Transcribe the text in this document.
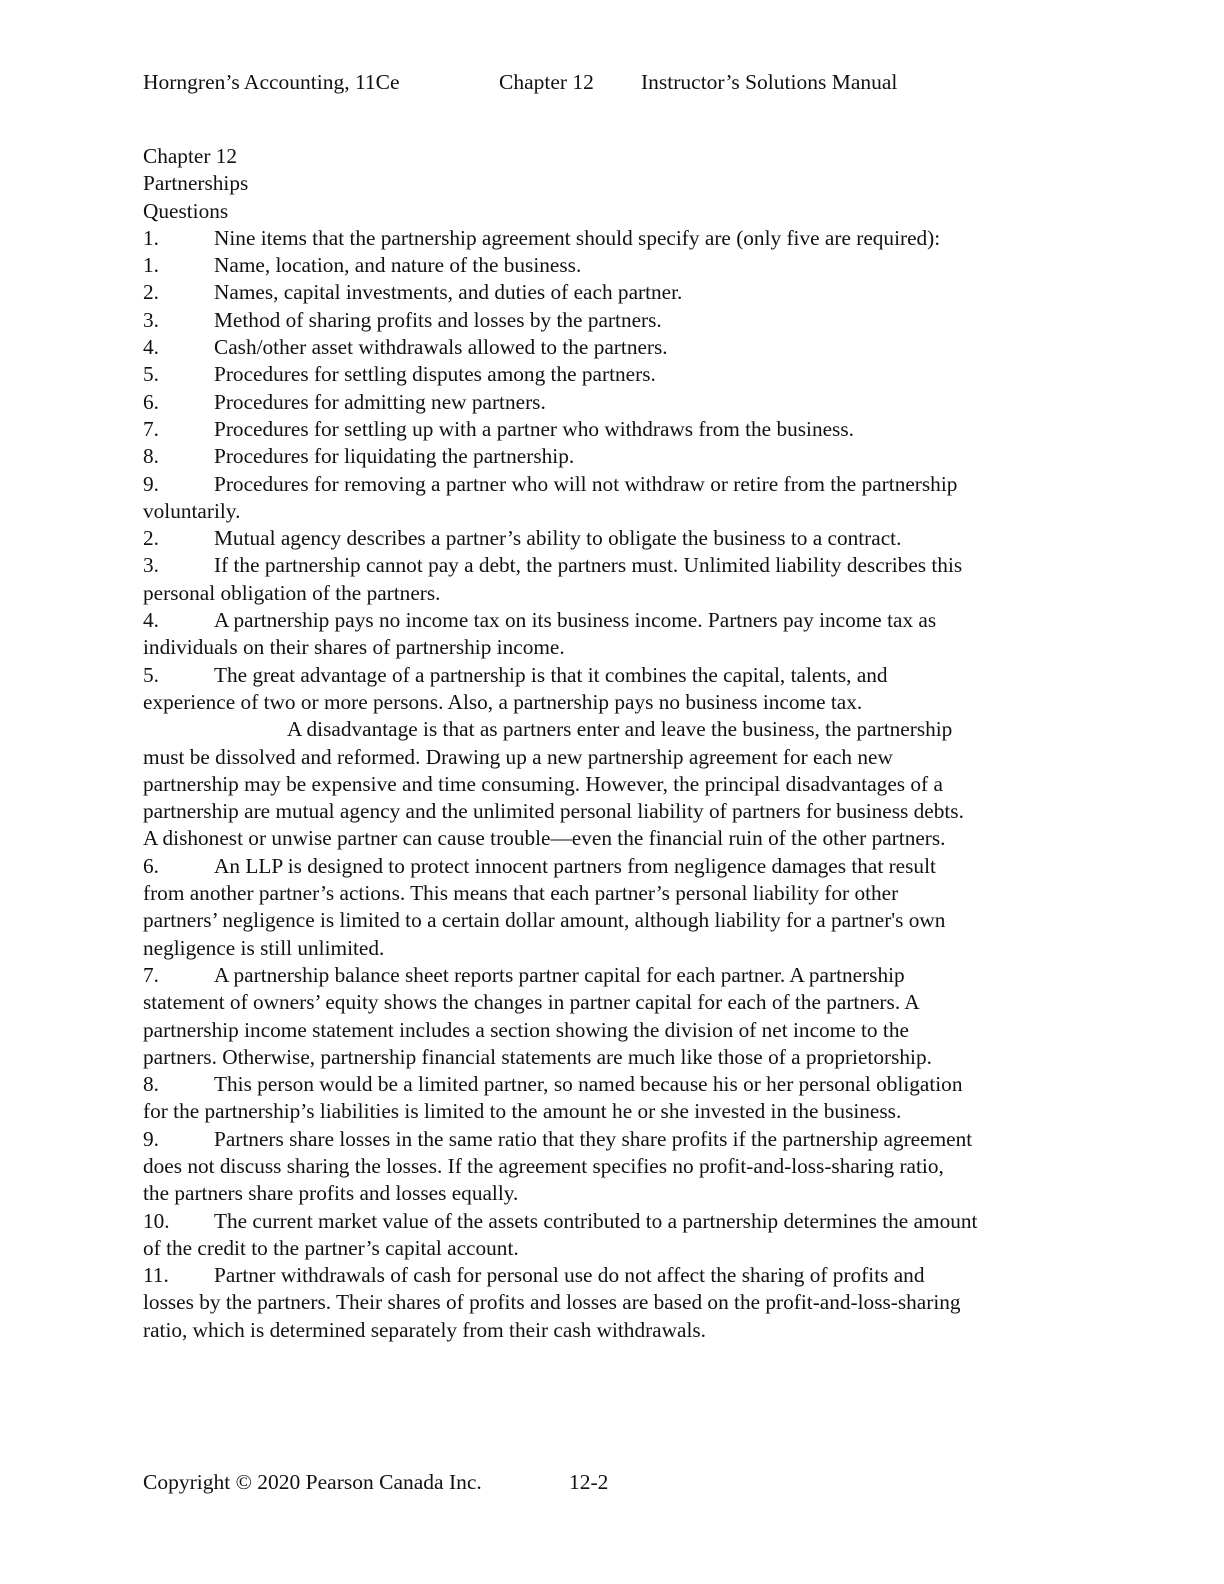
Horngren’s Accounting, 11Ce	Chapter 12 Instructor’s Solutions Manual
Chapter 12
Partnerships
Questions
1.	Nine items that the partnership agreement should specify are (only five are required):
1.	Name, location, and nature of the business.
2.	Names, capital investments, and duties of each partner.
3.	Method of sharing profits and losses by the partners.
4.	Cash/other asset withdrawals allowed to the partners.
5.	Procedures for settling disputes among the partners.
6.	Procedures for admitting new partners.
7.	Procedures for settling up with a partner who withdraws from the business.
8.	Procedures for liquidating the partnership.
9.	Procedures for removing a partner who will not withdraw or retire from the partnership
voluntarily.
2.	Mutual agency describes a partner’s ability to obligate the business to a contract.
3.	If the partnership cannot pay a debt, the partners must. Unlimited liability describes this
personal obligation of the partners.
4.	A partnership pays no income tax on its business income. Partners pay income tax as
individuals on their shares of partnership income.
5.	The great advantage of a partnership is that it combines the capital, talents, and
experience of two or more persons. Also, a partnership pays no business income tax.
A disadvantage is that as partners enter and leave the business, the partnership
must be dissolved and reformed. Drawing up a new partnership agreement for each new
partnership may be expensive and time consuming. However, the principal disadvantages of a
partnership are mutual agency and the unlimited personal liability of partners for business debts.
A dishonest or unwise partner can cause trouble—even the financial ruin of the other partners.
6.	An LLP is designed to protect innocent partners from negligence damages that result
from another partner’s actions. This means that each partner’s personal liability for other
partners’ negligence is limited to a certain dollar amount, although liability for a partner's own
negligence is still unlimited.
7.	A partnership balance sheet reports partner capital for each partner. A partnership
statement of owners’ equity shows the changes in partner capital for each of the partners. A
partnership income statement includes a section showing the division of net income to the
partners. Otherwise, partnership financial statements are much like those of a proprietorship.
8.	This person would be a limited partner, so named because his or her personal obligation
for the partnership’s liabilities is limited to the amount he or she invested in the business.
9.	Partners share losses in the same ratio that they share profits if the partnership agreement
does not discuss sharing the losses. If the agreement specifies no profit-and-loss-sharing ratio,
the partners share profits and losses equally.
10. The current market value of the assets contributed to a partnership determines the amount
of the credit to the partner’s capital account.
11. Partner withdrawals of cash for personal use do not affect the sharing of profits and
losses by the partners. Their shares of profits and losses are based on the profit-and-loss-sharing
ratio, which is determined separately from their cash withdrawals.
Copyright © 2020 Pearson Canada Inc.	12-2
